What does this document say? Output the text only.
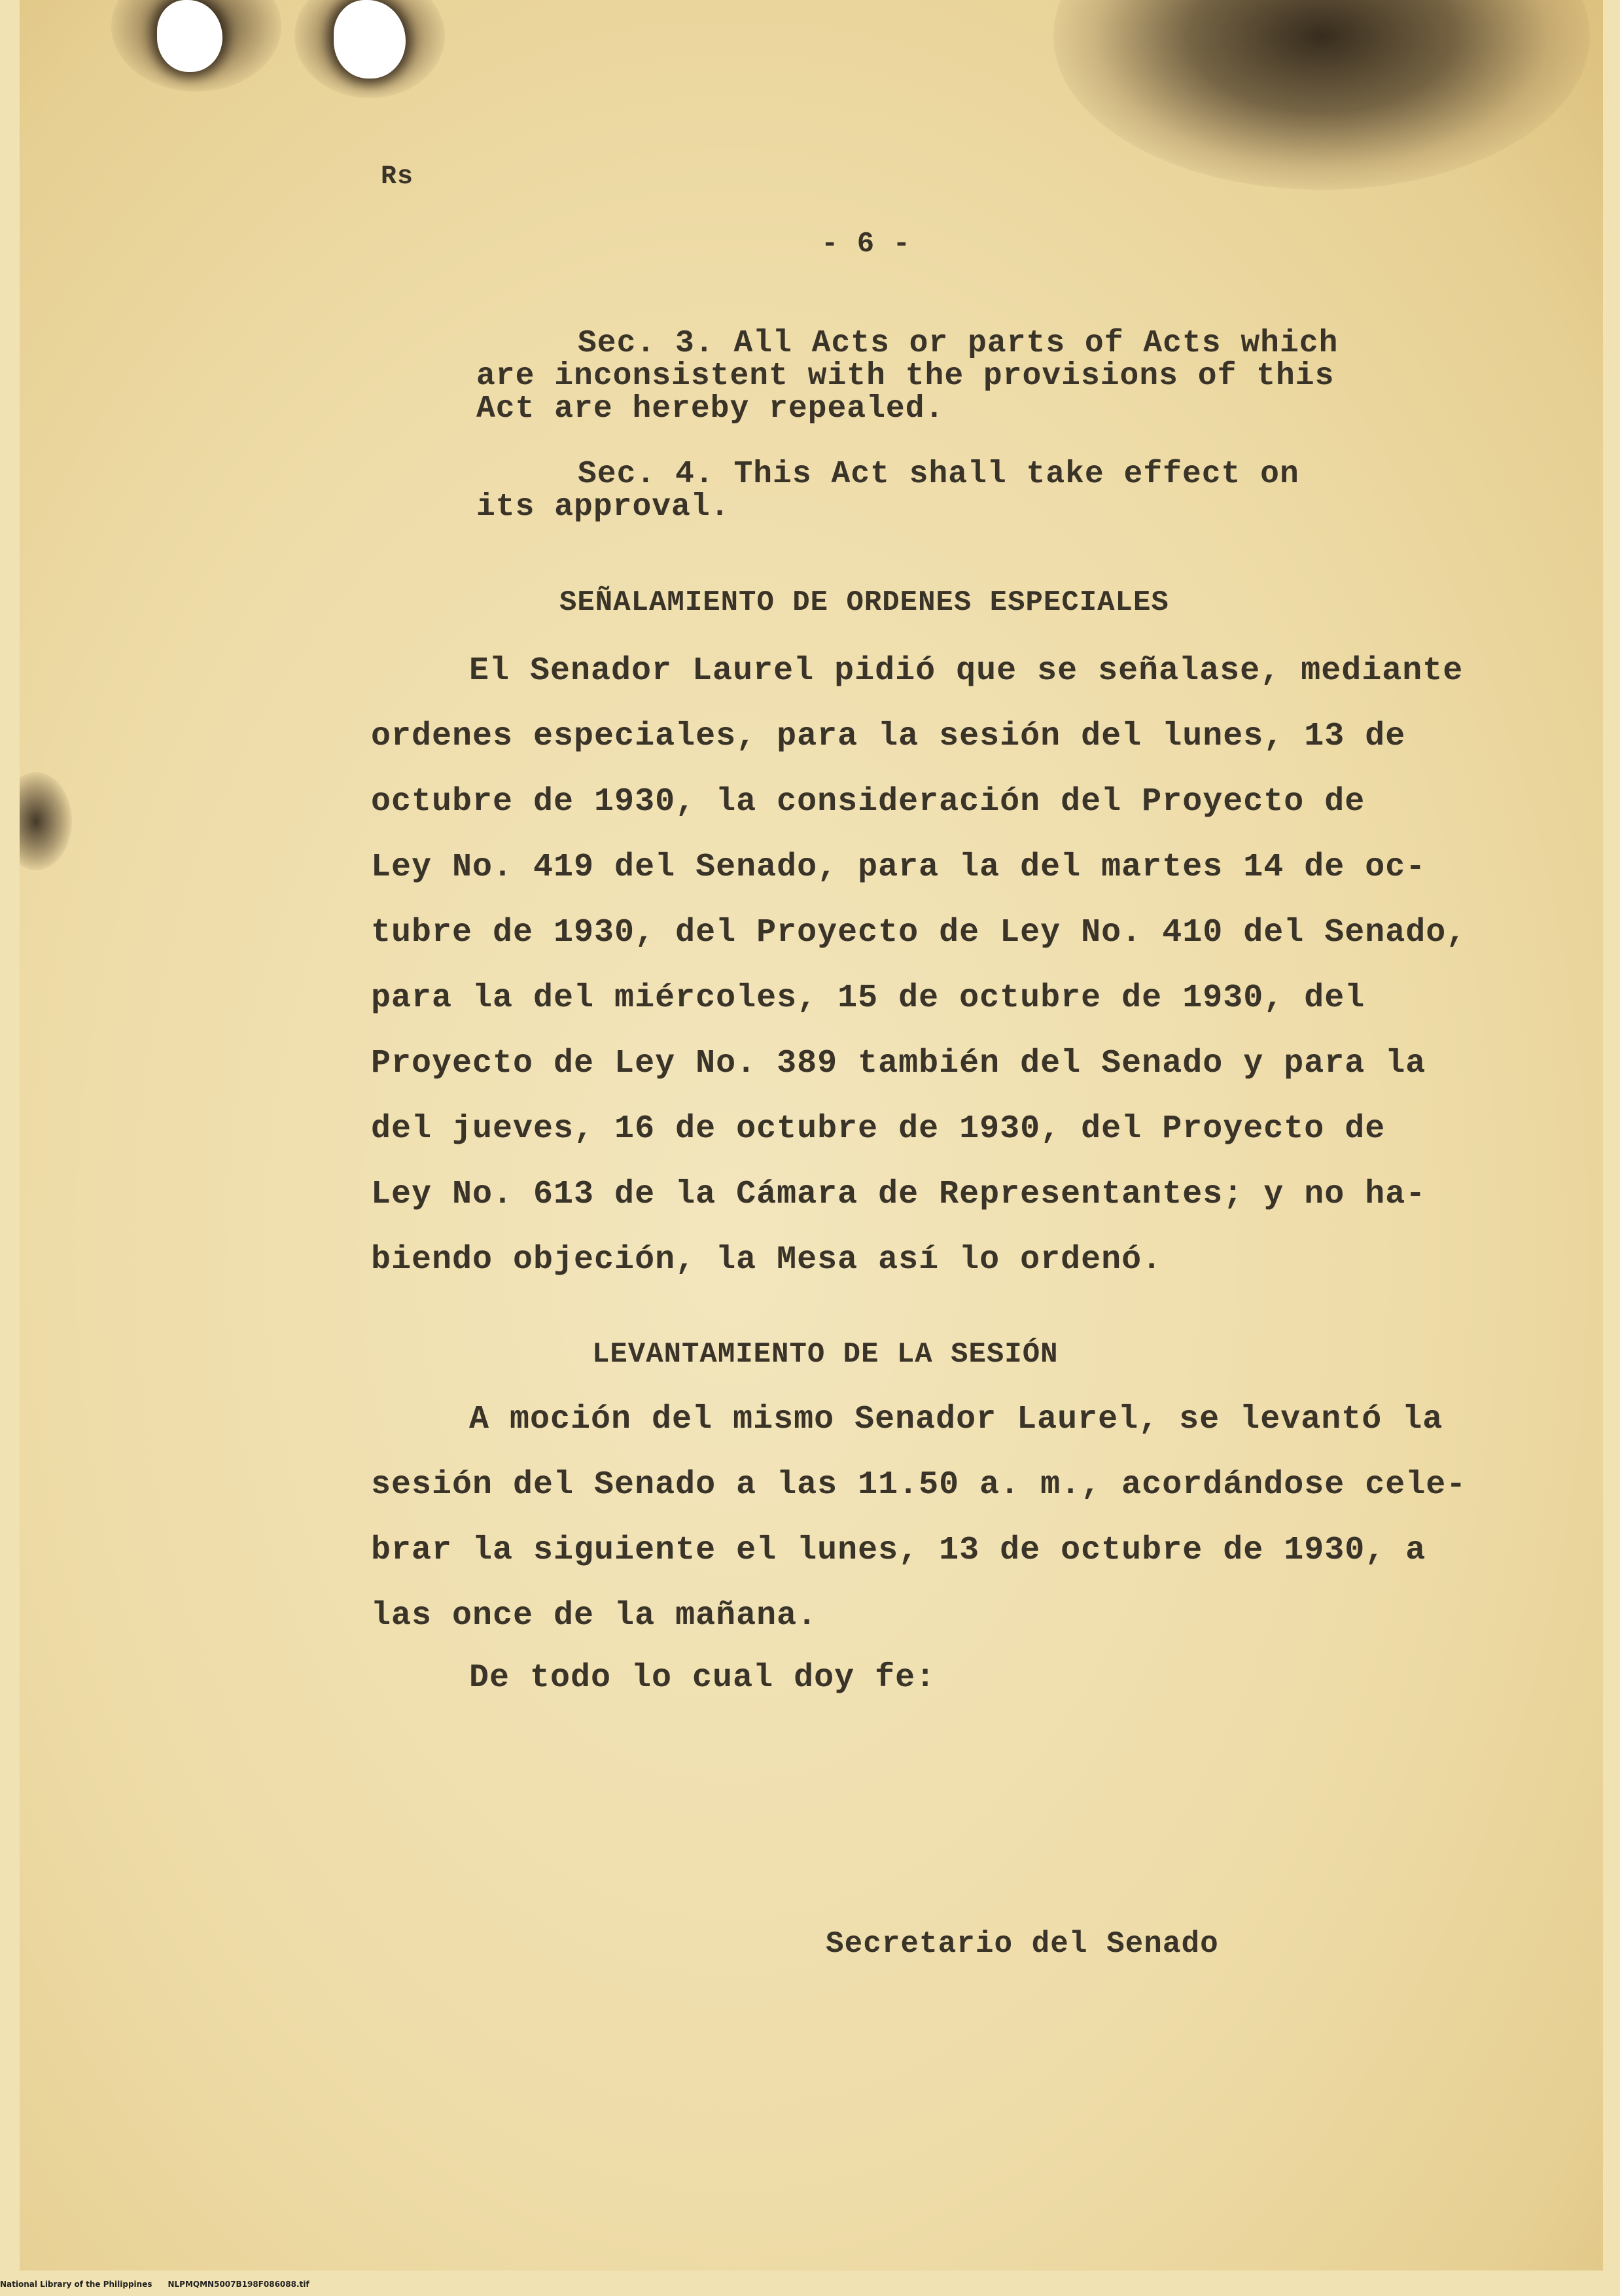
Rs
- 6 -
Sec. 3. All Acts or parts of Acts which
are inconsistent with the provisions of this
Act are hereby repealed.
Sec. 4. This Act shall take effect on
its approval.
SEÑALAMIENTO DE ORDENES ESPECIALES
El Senador Laurel pidió que se señalase, mediante
ordenes especiales, para la sesión del lunes, 13 de
octubre de 1930, la consideración del Proyecto de
Ley No. 419 del Senado, para la del martes 14 de oc-
tubre de 1930, del Proyecto de Ley No. 410 del Senado,
para la del miércoles, 15 de octubre de 1930, del
Proyecto de Ley No. 389 también del Senado y para la
del jueves, 16 de octubre de 1930, del Proyecto de
Ley No. 613 de la Cámara de Representantes; y no ha-
biendo objeción, la Mesa así lo ordenó.
LEVANTAMIENTO DE LA SESIÓN
A moción del mismo Senador Laurel, se levantó la
sesión del Senado a las 11.50 a. m., acordándose cele-
brar la siguiente el lunes, 13 de octubre de 1930, a
las once de la mañana.
De todo lo cual doy fe:
Secretario del Senado
National Library of the Philippines NLPMQMN5007B198F086088.tif
